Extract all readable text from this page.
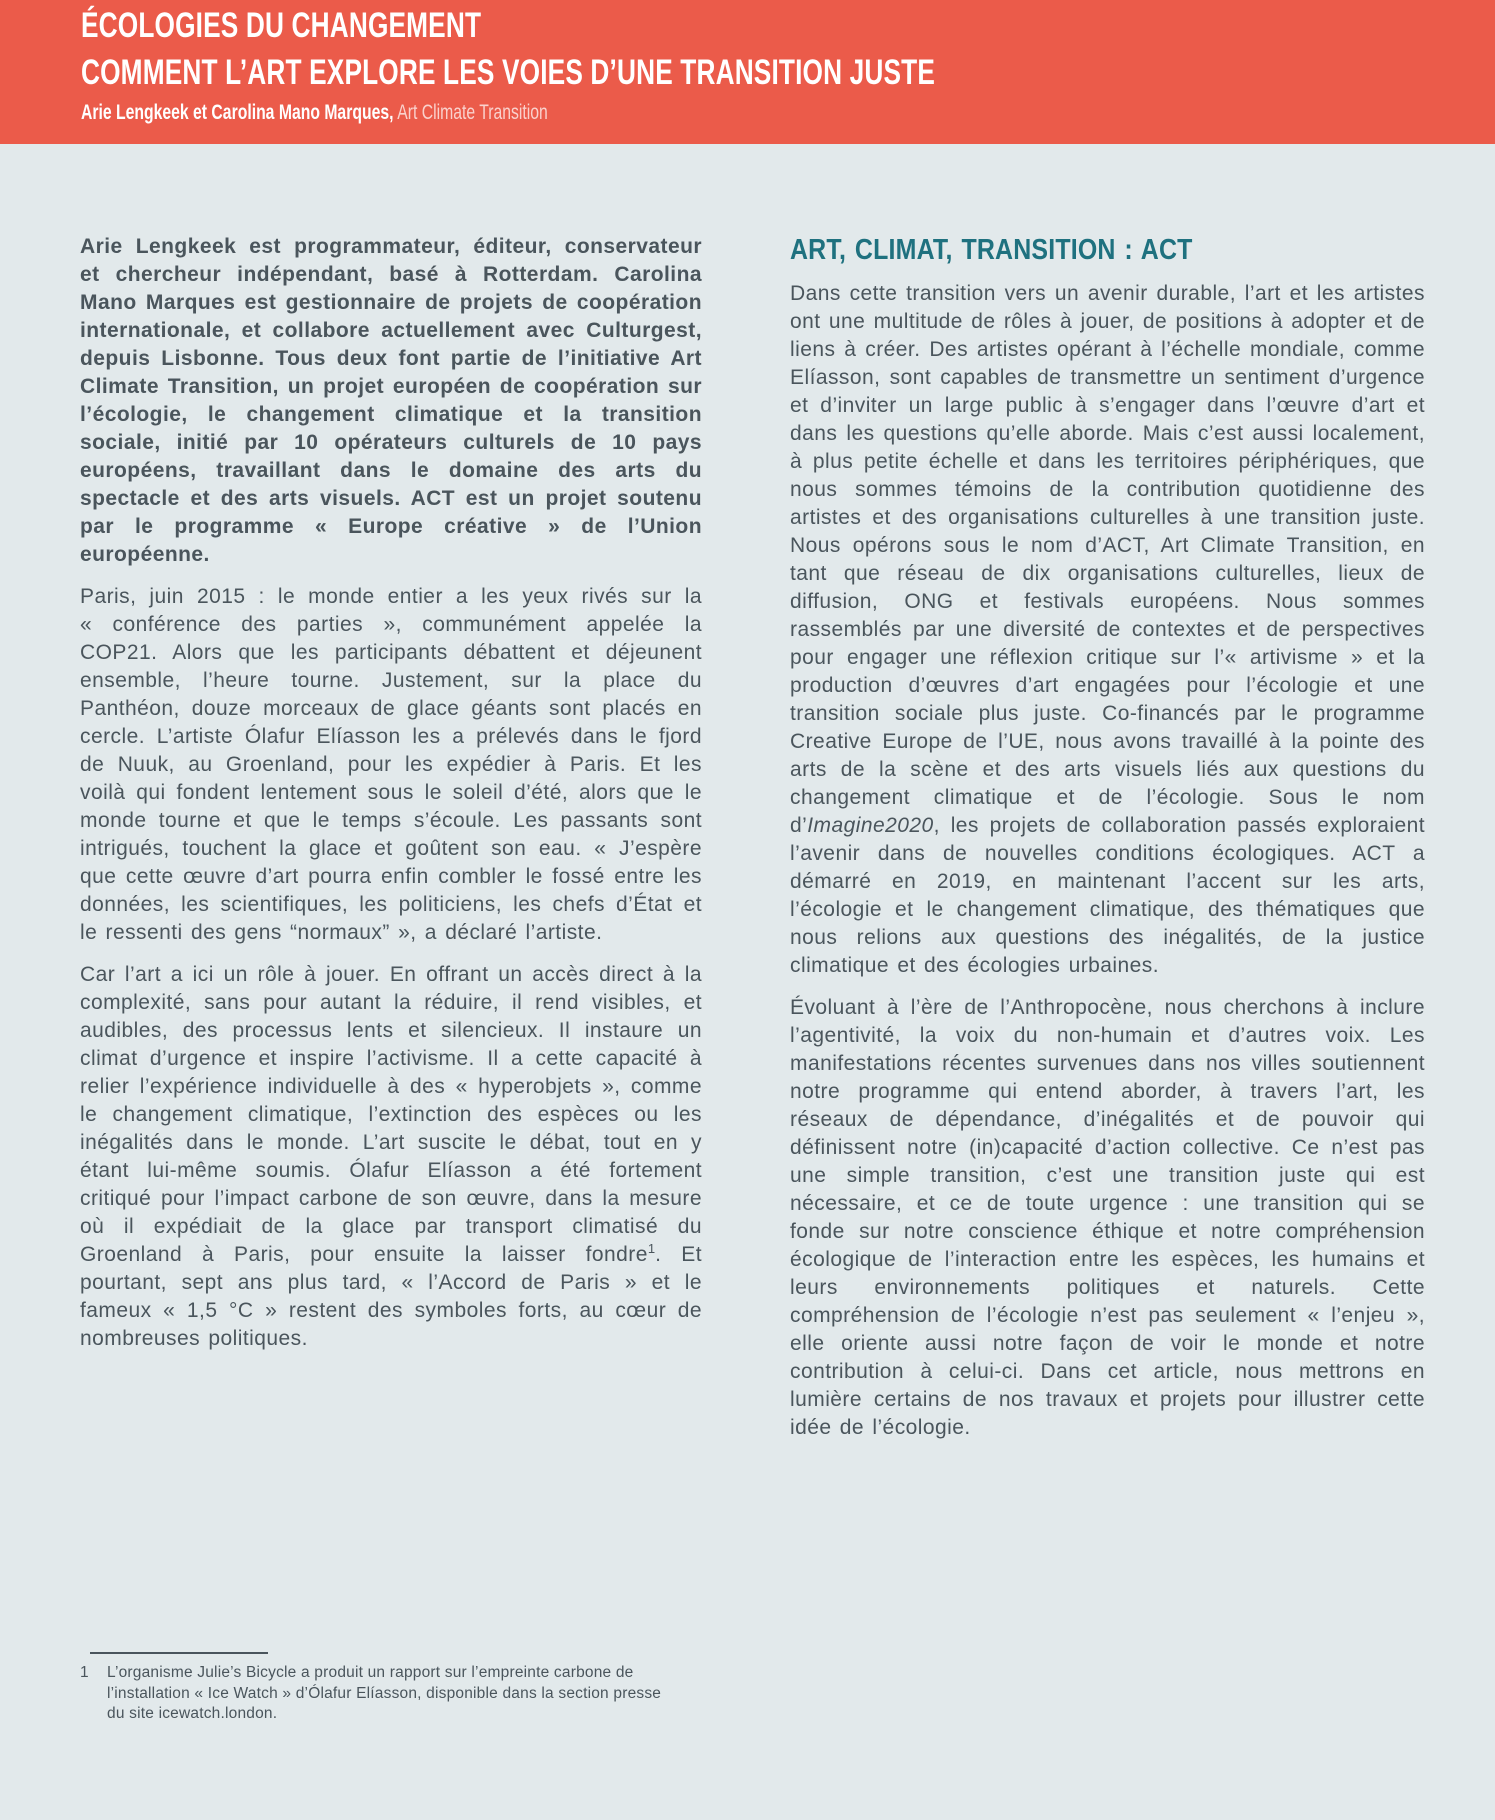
ÉCOLOGIES DU CHANGEMENT
COMMENT L’ART EXPLORE LES VOIES D’UNE TRANSITION JUSTE

Arie Lengkeek et Carolina Mano Marques, Art Climate Transition

Arie Lengkeek est programmateur, éditeur, conservateur et chercheur indépendant, basé à Rotterdam. Carolina Mano Marques est gestionnaire de projets de coopération internationale, et collabore actuellement avec Culturgest, depuis Lisbonne. Tous deux font partie de l’initiative Art Climate Transition, un projet européen de coopération sur l’écologie, le changement climatique et la transition sociale, initié par 10 opérateurs culturels de 10 pays européens, travaillant dans le domaine des arts du spectacle et des arts visuels. ACT est un projet soutenu par le programme « Europe créative » de l’Union européenne.

Paris, juin 2015 : le monde entier a les yeux rivés sur la « conférence des parties », communément appelée la COP21. Alors que les participants débattent et déjeunent ensemble, l’heure tourne. Justement, sur la place du Panthéon, douze morceaux de glace géants sont placés en cercle. L’artiste Ólafur Elíasson les a prélevés dans le fjord de Nuuk, au Groenland, pour les expédier à Paris. Et les voilà qui fondent lentement sous le soleil d’été, alors que le monde tourne et que le temps s’écoule. Les passants sont intrigués, touchent la glace et goûtent son eau. « J’espère que cette œuvre d’art pourra enfin combler le fossé entre les données, les scientifiques, les politiciens, les chefs d’État et le ressenti des gens “normaux” », a déclaré l’artiste.

Car l’art a ici un rôle à jouer. En offrant un accès direct à la complexité, sans pour autant la réduire, il rend visibles, et audibles, des processus lents et silencieux. Il instaure un climat d’urgence et inspire l’activisme. Il a cette capacité à relier l’expérience individuelle à des « hyperobjets », comme le changement climatique, l’extinction des espèces ou les inégalités dans le monde. L’art suscite le débat, tout en y étant lui-même soumis. Ólafur Elíasson a été fortement critiqué pour l’impact carbone de son œuvre, dans la mesure où il expédiait de la glace par transport climatisé du Groenland à Paris, pour ensuite la laisser fondre$^1$. Et pourtant, sept ans plus tard, « l’Accord de Paris » et le fameux « 1,5 °C » restent des symboles forts, au cœur de nombreuses politiques.

ART, CLIMAT, TRANSITION : ACT

Dans cette transition vers un avenir durable, l’art et les artistes ont une multitude de rôles à jouer, de positions à adopter et de liens à créer. Des artistes opérant à l’échelle mondiale, comme Elíasson, sont capables de transmettre un sentiment d’urgence et d’inviter un large public à s’engager dans l’œuvre d’art et dans les questions qu’elle aborde. Mais c’est aussi localement, à plus petite échelle et dans les territoires périphériques, que nous sommes témoins de la contribution quotidienne des artistes et des organisations culturelles à une transition juste. Nous opérons sous le nom d’ACT, Art Climate Transition, en tant que réseau de dix organisations culturelles, lieux de diffusion, ONG et festivals européens. Nous sommes rassemblés par une diversité de contextes et de perspectives pour engager une réflexion critique sur l’« artivisme » et la production d’œuvres d’art engagées pour l’écologie et une transition sociale plus juste. Co-financés par le programme Creative Europe de l’UE, nous avons travaillé à la pointe des arts de la scène et des arts visuels liés aux questions du changement climatique et de l’écologie. Sous le nom d’Imagine2020, les projets de collaboration passés exploraient l’avenir dans de nouvelles conditions écologiques. ACT a démarré en 2019, en maintenant l’accent sur les arts, l’écologie et le changement climatique, des thématiques que nous relions aux questions des inégalités, de la justice climatique et des écologies urbaines.

Évoluant à l’ère de l’Anthropocène, nous cherchons à inclure l’agentivité, la voix du non-humain et d’autres voix. Les manifestations récentes survenues dans nos villes soutiennent notre programme qui entend aborder, à travers l’art, les réseaux de dépendance, d’inégalités et de pouvoir qui définissent notre (in)capacité d’action collective. Ce n’est pas une simple transition, c’est une transition juste qui est nécessaire, et ce de toute urgence : une transition qui se fonde sur notre conscience éthique et notre compréhension écologique de l’interaction entre les espèces, les humains et leurs environnements politiques et naturels. Cette compréhension de l’écologie n’est pas seulement « l’enjeu », elle oriente aussi notre façon de voir le monde et notre contribution à celui-ci. Dans cet article, nous mettrons en lumière certains de nos travaux et projets pour illustrer cette idée de l’écologie.

1	L’organisme Julie’s Bicycle a produit un rapport sur l’empreinte carbone de l’installation « Ice Watch » d’Ólafur Elíasson, disponible dans la section presse du site icewatch.london.
